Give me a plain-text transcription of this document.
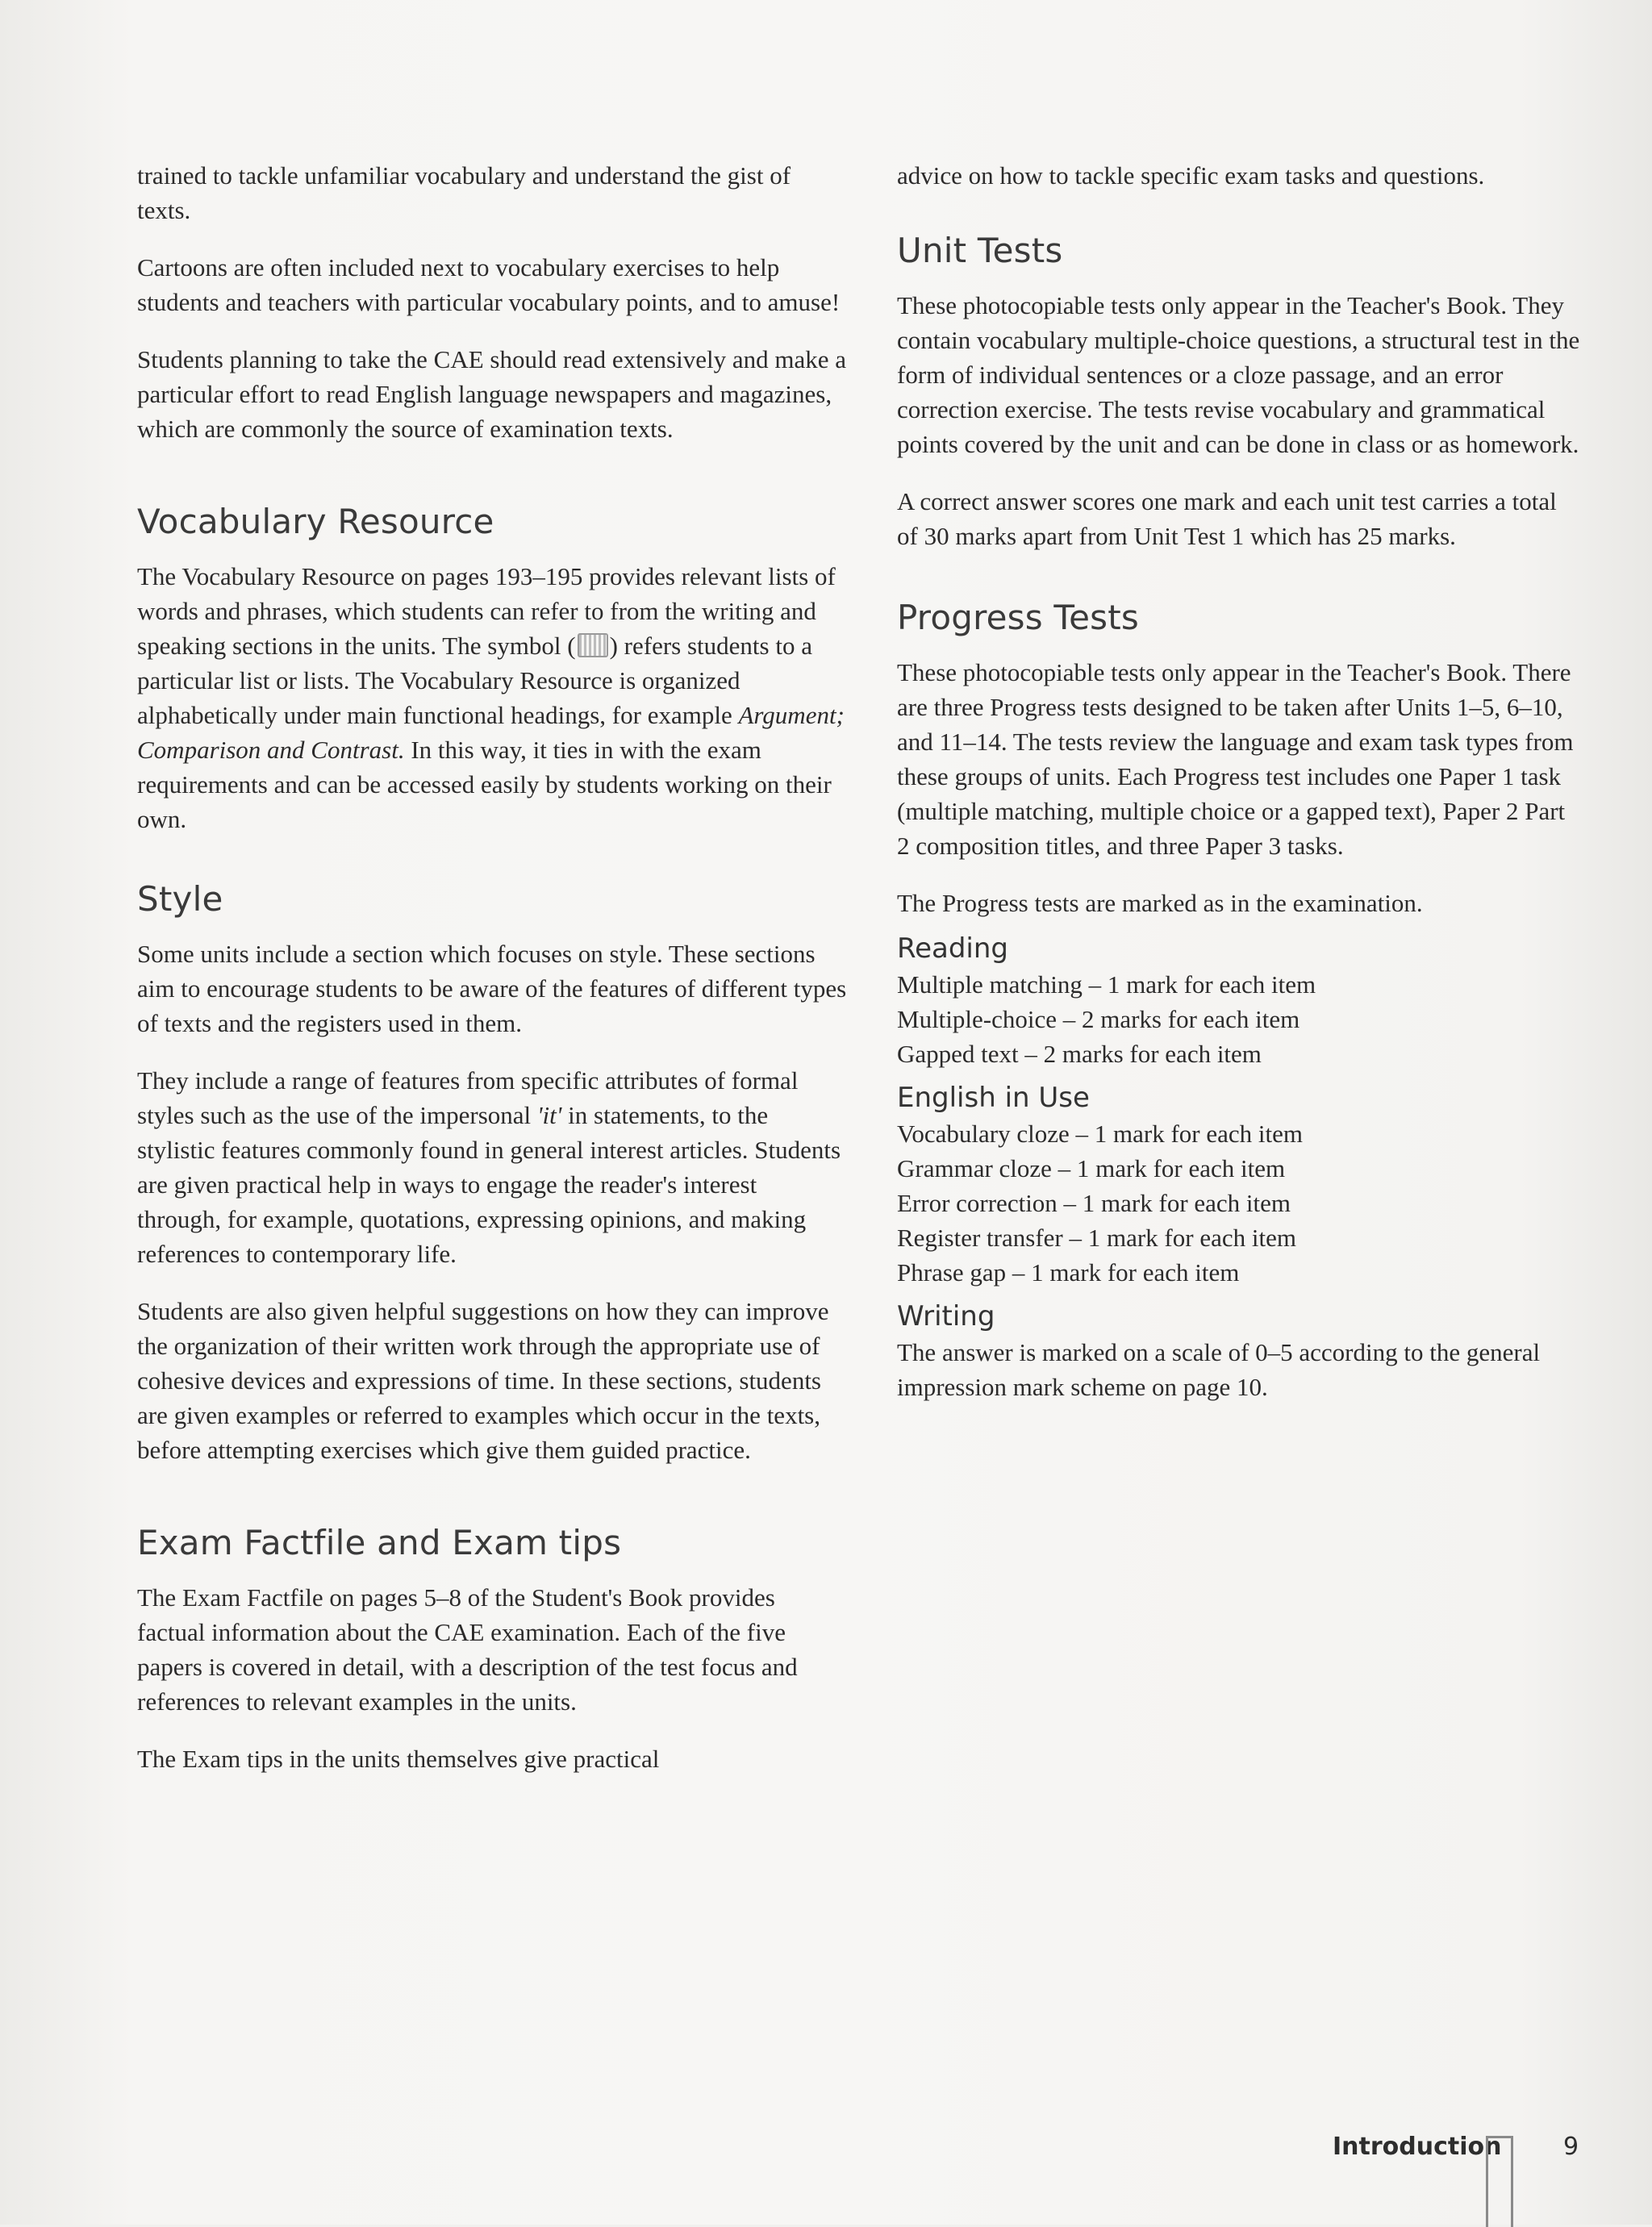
trained to tackle unfamiliar vocabulary and understand the gist of texts.

Cartoons are often included next to vocabulary exercises to help students and teachers with particular vocabulary points, and to amuse!

Students planning to take the CAE should read extensively and make a particular effort to read English language newspapers and magazines, which are commonly the source of examination texts.

Vocabulary Resource

The Vocabulary Resource on pages 193–195 provides relevant lists of words and phrases, which students can refer to from the writing and speaking sections in the units. The symbol ( ) refers students to a particular list or lists. The Vocabulary Resource is organized alphabetically under main functional headings, for example Argument; Comparison and Contrast. In this way, it ties in with the exam requirements and can be accessed easily by students working on their own.

Style

Some units include a section which focuses on style. These sections aim to encourage students to be aware of the features of different types of texts and the registers used in them.

They include a range of features from specific attributes of formal styles such as the use of the impersonal 'it' in statements, to the stylistic features commonly found in general interest articles. Students are given practical help in ways to engage the reader's interest through, for example, quotations, expressing opinions, and making references to contemporary life.

Students are also given helpful suggestions on how they can improve the organization of their written work through the appropriate use of cohesive devices and expressions of time. In these sections, students are given examples or referred to examples which occur in the texts, before attempting exercises which give them guided practice.

Exam Factfile and Exam tips

The Exam Factfile on pages 5–8 of the Student's Book provides factual information about the CAE examination. Each of the five papers is covered in detail, with a description of the test focus and references to relevant examples in the units.

The Exam tips in the units themselves give practical

advice on how to tackle specific exam tasks and questions.

Unit Tests

These photocopiable tests only appear in the Teacher's Book. They contain vocabulary multiple-choice questions, a structural test in the form of individual sentences or a cloze passage, and an error correction exercise. The tests revise vocabulary and grammatical points covered by the unit and can be done in class or as homework.

A correct answer scores one mark and each unit test carries a total of 30 marks apart from Unit Test 1 which has 25 marks.

Progress Tests

These photocopiable tests only appear in the Teacher's Book. There are three Progress tests designed to be taken after Units 1–5, 6–10, and 11–14. The tests review the language and exam task types from these groups of units. Each Progress test includes one Paper 1 task (multiple matching, multiple choice or a gapped text), Paper 2 Part 2 composition titles, and three Paper 3 tasks.

The Progress tests are marked as in the examination.

Reading
Multiple matching – 1 mark for each item
Multiple-choice – 2 marks for each item
Gapped text – 2 marks for each item
English in Use
Vocabulary cloze – 1 mark for each item
Grammar cloze – 1 mark for each item
Error correction – 1 mark for each item
Register transfer – 1 mark for each item
Phrase gap – 1 mark for each item
Writing

The answer is marked on a scale of 0–5 according to the general impression mark scheme on page 10.

Introduction	9
